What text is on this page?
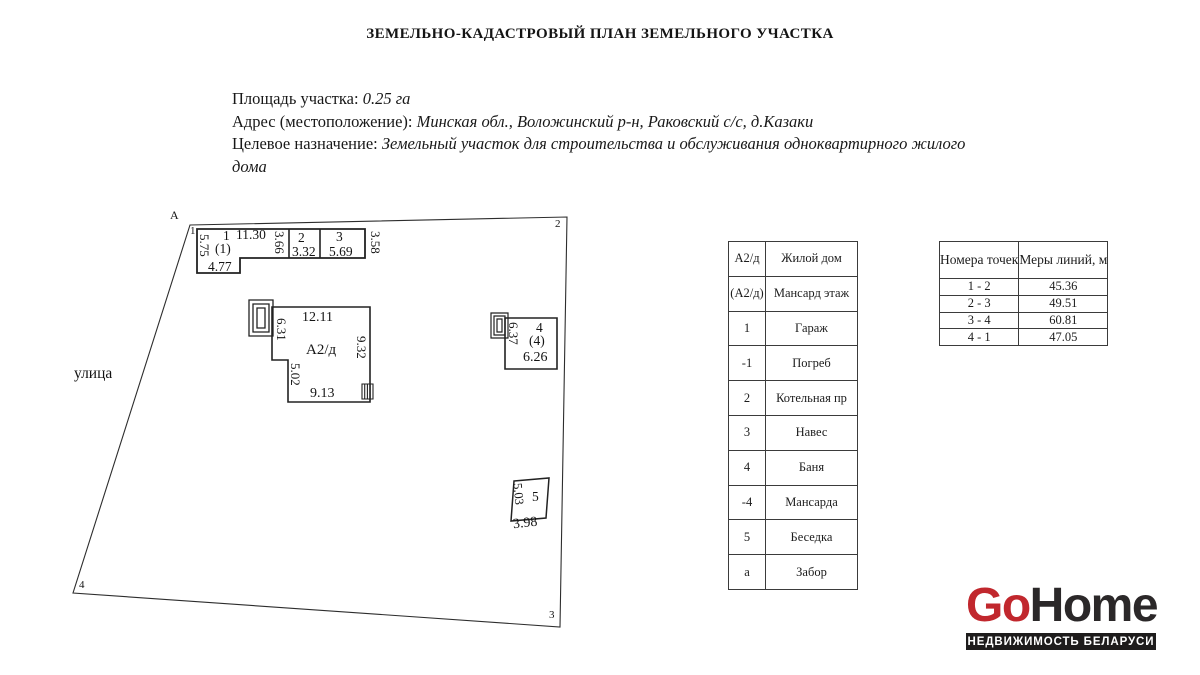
ЗЕМЕЛЬНО-КАДАСТРОВЫЙ ПЛАН ЗЕМЕЛЬНОГО УЧАСТКА
Площадь участка: 0.25 га
Адрес (местоположение): Минская обл., Воложинский р-н, Раковский с/с, д.Казаки
Целевое назначение: Земельный участок для строительства и обслуживания одноквартирного жилого дома
А
1
2
3
4
улица
5.75 1 11.30
(1)
4.77
3.66 2
3.32
3
5.69 3.58
12.11
6.31
А2/д 9.32
5.02
9.13
6.37 4
(4)
6.26
5.03 5
3.98
А2/д	Жилой дом
(А2/д)	Мансард этаж
1	Гараж
-1	Погреб
2	Котельная пр
3	Навес
4	Баня
-4	Мансарда
5	Беседка
а	Забор
Номера точек	Меры линий, м
1 - 2	45.36
2 - 3	49.51
3 - 4	60.81
4 - 1	47.05
GoHome
НЕДВИЖИМОСТЬ БЕЛАРУСИ
